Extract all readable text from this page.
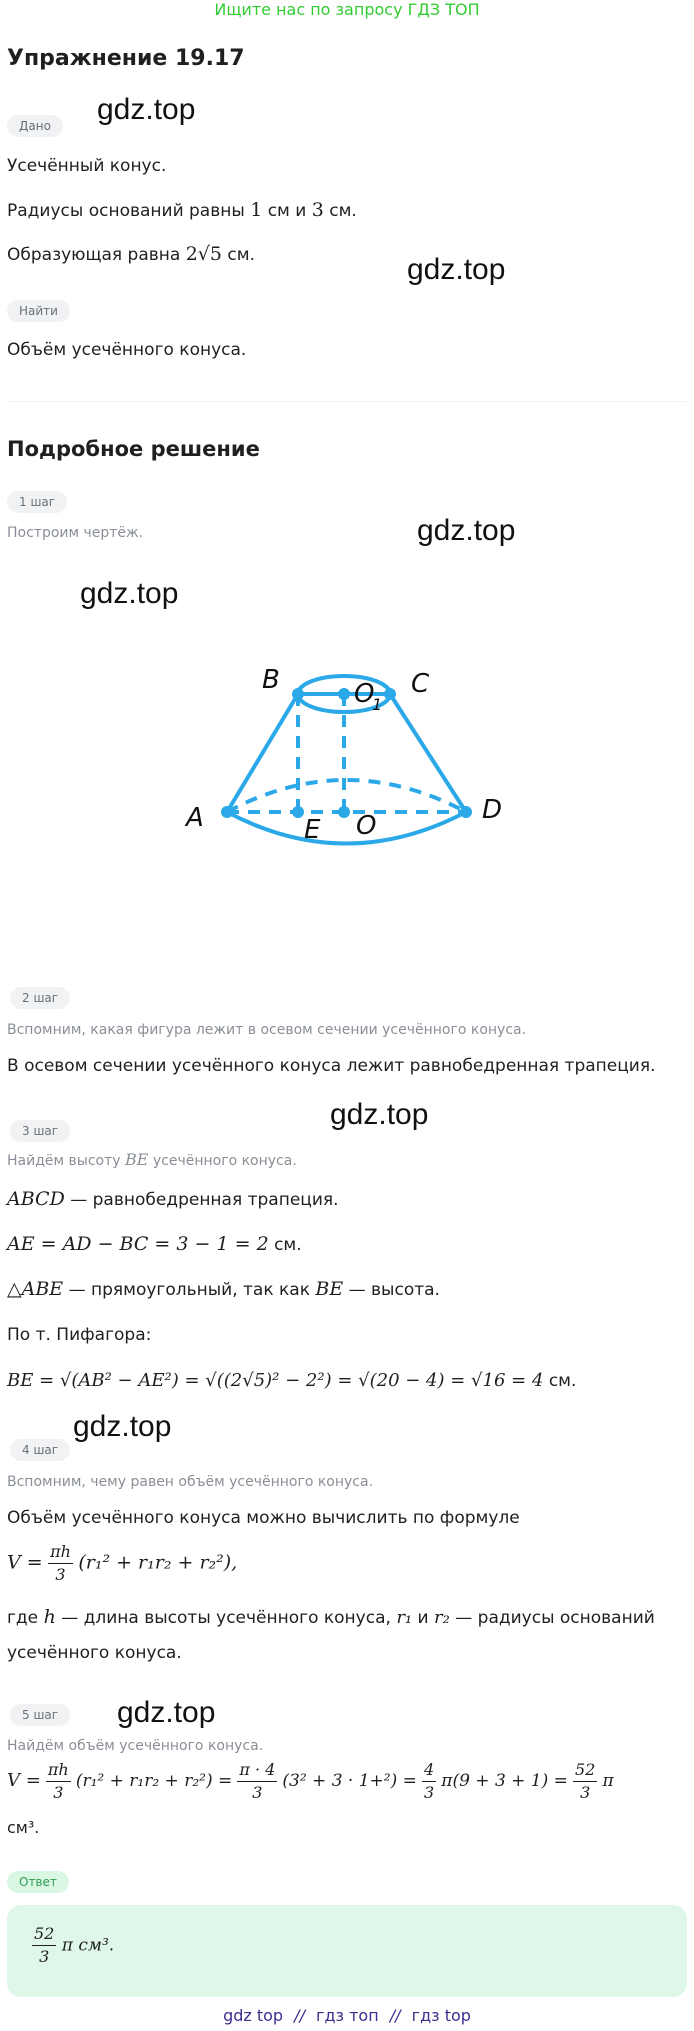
Ищите нас по запросу ГДЗ ТОП
Упражнение 19.17
gdz.top
gdz.top
gdz.top
gdz.top
gdz.top
gdz.top
gdz.top
Дано
Усечённый конус.
Радиусы оснований равны 1 см и 3 см.
Образующая равна 2√5 см.
Найти
Объём усечённого конуса.
Подробное решение
1 шаг
Построим чертёж.
B	O
1
C
A	E O
D
2 шаг
Вспомним, какая фигура лежит в осевом сечении усечённого конуса.
В осевом сечении усечённого конуса лежит равнобедренная трапеция.
3 шаг
Найдём высоту BE усечённого конуса.
ABCD — равнобедренная трапеция.
AE = AD − BC = 3 − 1 = 2 см.
△ABE — прямоугольный, так как BE — высота.
По т. Пифагора:
BE = √(AB² − AE²) = √((2√5)² − 2²) = √(20 − 4) = √16 = 4 см.
4 шаг
Вспомним, чему равен объём усечённого конуса.
Объём усечённого конуса можно вычислить по формуле
$V = \frac{\pi h}{3} (r_1^2 + r_1r_2 + r_2^2)$,
где h — длина высоты усечённого конуса, r₁ и r₂ — радиусы оснований
усечённого конуса.
5 шаг
Найдём объём усечённого конуса.
$V = \frac{\pi h}{3} (r_1^2 + r_1r_2 + r_2^2) = \frac{\pi \cdot 4}{3} (3^2 + 3 \cdot 1+^2) = \frac{4}{3} \pi(9 + 3 + 1) = \frac{52}{3}$ π
см³.
Ответ
$\frac{52}{3}$ π см³.
gdz top // гдз топ // гдз top
